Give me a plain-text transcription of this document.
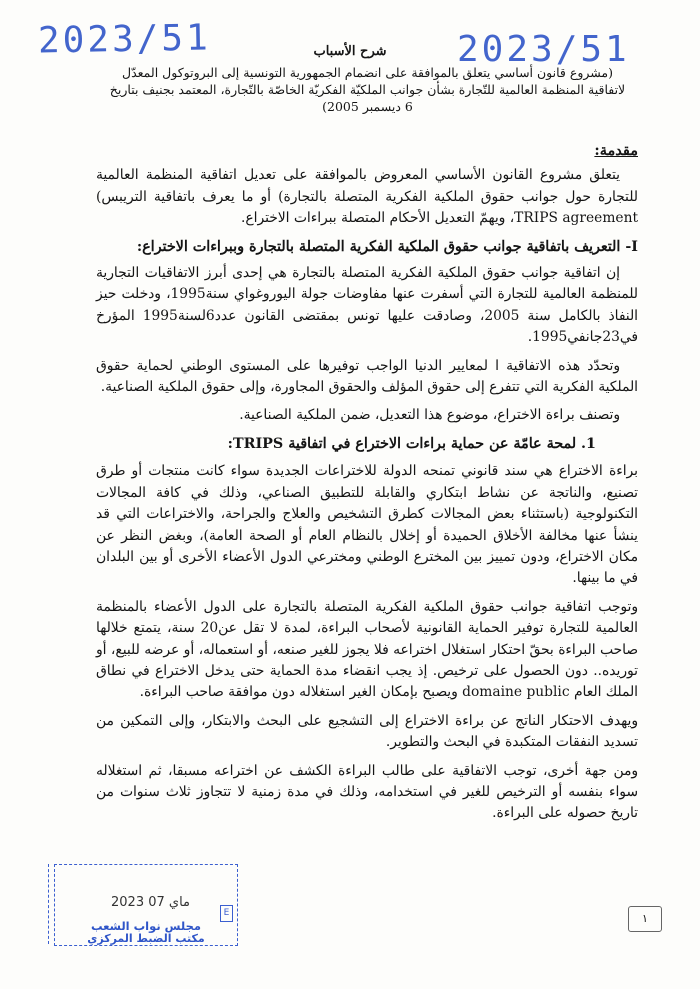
2023/51	2023/51
شرح الأسباب
(مشروع قانون أساسي يتعلق بالموافقة على انضمام الجمهورية التونسية إلى البروتوكول المعدّل
لاتفاقية المنظمة العالمية للتّجارة بشأن جوانب الملكيّة الفكريّة الخاصّة بالتّجارة، المعتمد بجنيف بتاريخ
6 ديسمبر 2005)
مقدمة:

يتعلق مشروع القانون الأساسي المعروض بالموافقة على تعديل اتفاقية المنظمة العالمية للتجارة حول جوانب حقوق الملكية الفكرية المتصلة بالتجارة) أو ما يعرف باتفاقية التريبس) TRIPS agreement، ويهمّ التعديل الأحكام المتصلة ببراءات الاختراع.

I- التعريف باتفاقية جوانب حقوق الملكية الفكرية المتصلة بالتجارة وببراءات الاختراع:

إن اتفاقية جوانب حقوق الملكية الفكرية المتصلة بالتجارة هي إحدى أبرز الاتفاقيات التجارية للمنظمة العالمية للتجارة التي أسفرت عنها مفاوضات جولة اليوروغواي سنة1995، ودخلت حيز النفاذ بالكامل سنة 2005، وصادقت عليها تونس بمقتضى القانون عدد6لسنة1995 المؤرخ في23جانفي1995.

وتحدّد هذه الاتفاقية ا لمعايير الدنيا الواجب توفيرها على المستوى الوطني لحماية حقوق الملكية الفكرية التي تتفرع إلى حقوق المؤلف والحقوق المجاورة، وإلى حقوق الملكية الصناعية.

وتصنف براءة الاختراع، موضوع هذا التعديل، ضمن الملكية الصناعية.

1. لمحة عامّة عن حماية براءات الاختراع في اتفاقية TRIPS:

براءة الاختراع هي سند قانوني تمنحه الدولة للاختراعات الجديدة سواء كانت منتجات أو طرق تصنيع، والناتجة عن نشاط ابتكاري والقابلة للتطبيق الصناعي، وذلك في كافة المجالات التكنولوجية (باستثناء بعض المجالات كطرق التشخيص والعلاج والجراحة، والاختراعات التي قد ينشأ عنها مخالفة الأخلاق الحميدة أو إخلال بالنظام العام أو الصحة العامة)، وبغض النظر عن مكان الاختراع، ودون تمييز بين المخترع الوطني ومخترعي الدول الأعضاء الأخرى أو بين البلدان في ما بينها.

وتوجب اتفاقية جوانب حقوق الملكية الفكرية المتصلة بالتجارة على الدول الأعضاء بالمنظمة العالمية للتجارة توفير الحماية القانونية لأصحاب البراءة، لمدة لا تقل عن20 سنة، يتمتع خلالها صاحب البراءة بحقّ احتكار استغلال اختراعه فلا يجوز للغير صنعه، أو استعماله، أو عرضه للبيع، أو توريده.. دون الحصول على ترخيص. إذ يجب انقضاء مدة الحماية حتى يدخل الاختراع في نطاق الملك العام domaine public ويصبح بإمكان الغير استغلاله دون موافقة صاحب البراءة.

ويهدف الاحتكار الناتج عن براءة الاختراع إلى التشجيع على البحث والابتكار، وإلى التمكين من تسديد النفقات المتكبدة في البحث والتطوير.

ومن جهة أخرى، توجب الاتفاقية على طالب البراءة الكشف عن اختراعه مسبقا، ثم استغلاله سواء بنفسه أو الترخيص للغير في استخدامه، وذلك في مدة زمنية لا تتجاوز ثلاث سنوات من تاريخ حصوله على البراءة.

2023 ماي 07
E
مجلس نواب الشعب
مكتب الضبط المركزي
١
